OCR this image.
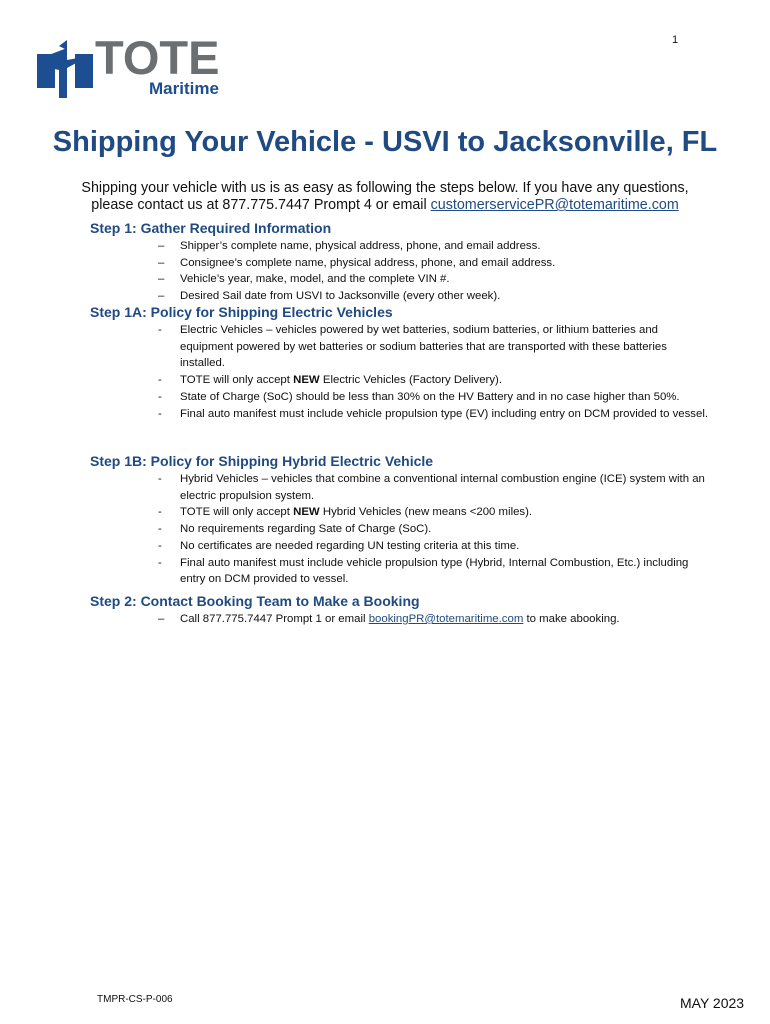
1
TOTE
Maritime
Shipping Your Vehicle - USVI to Jacksonville, FL
Shipping your vehicle with us is as easy as following the steps below. If you have any questions,
please contact us at 877.775.7447 Prompt 4 or email customerservicePR@totemaritime.com
Step 1: Gather Required Information
– Shipper’s complete name, physical address, phone, and email address.
– Consignee’s complete name, physical address, phone, and email address.
– Vehicle’s year, make, model, and the complete VIN #.
– Desired Sail date from USVI to Jacksonville (every other week).
Step 1A: Policy for Shipping Electric Vehicles
- Electric Vehicles – vehicles powered by wet batteries, sodium batteries, or lithium batteries and equipment powered by wet batteries or sodium batteries that are transported with these batteries installed.
- TOTE will only accept NEW Electric Vehicles (Factory Delivery).
- State of Charge (SoC) should be less than 30% on the HV Battery and in no case higher than 50%.
- Final auto manifest must include vehicle propulsion type (EV) including entry on DCM provided to vessel.
Step 1B: Policy for Shipping Hybrid Electric Vehicle
- Hybrid Vehicles – vehicles that combine a conventional internal combustion engine (ICE) system with an electric propulsion system.
- TOTE will only accept NEW Hybrid Vehicles (new means <200 miles).
- No requirements regarding Sate of Charge (SoC).
- No certificates are needed regarding UN testing criteria at this time.
- Final auto manifest must include vehicle propulsion type (Hybrid, Internal Combustion, Etc.) including entry on DCM provided to vessel.
Step 2: Contact Booking Team to Make a Booking
– Call 877.775.7447 Prompt 1 or email bookingPR@totemaritime.com to make abooking.
TMPR-CS-P-006	MAY 2023
